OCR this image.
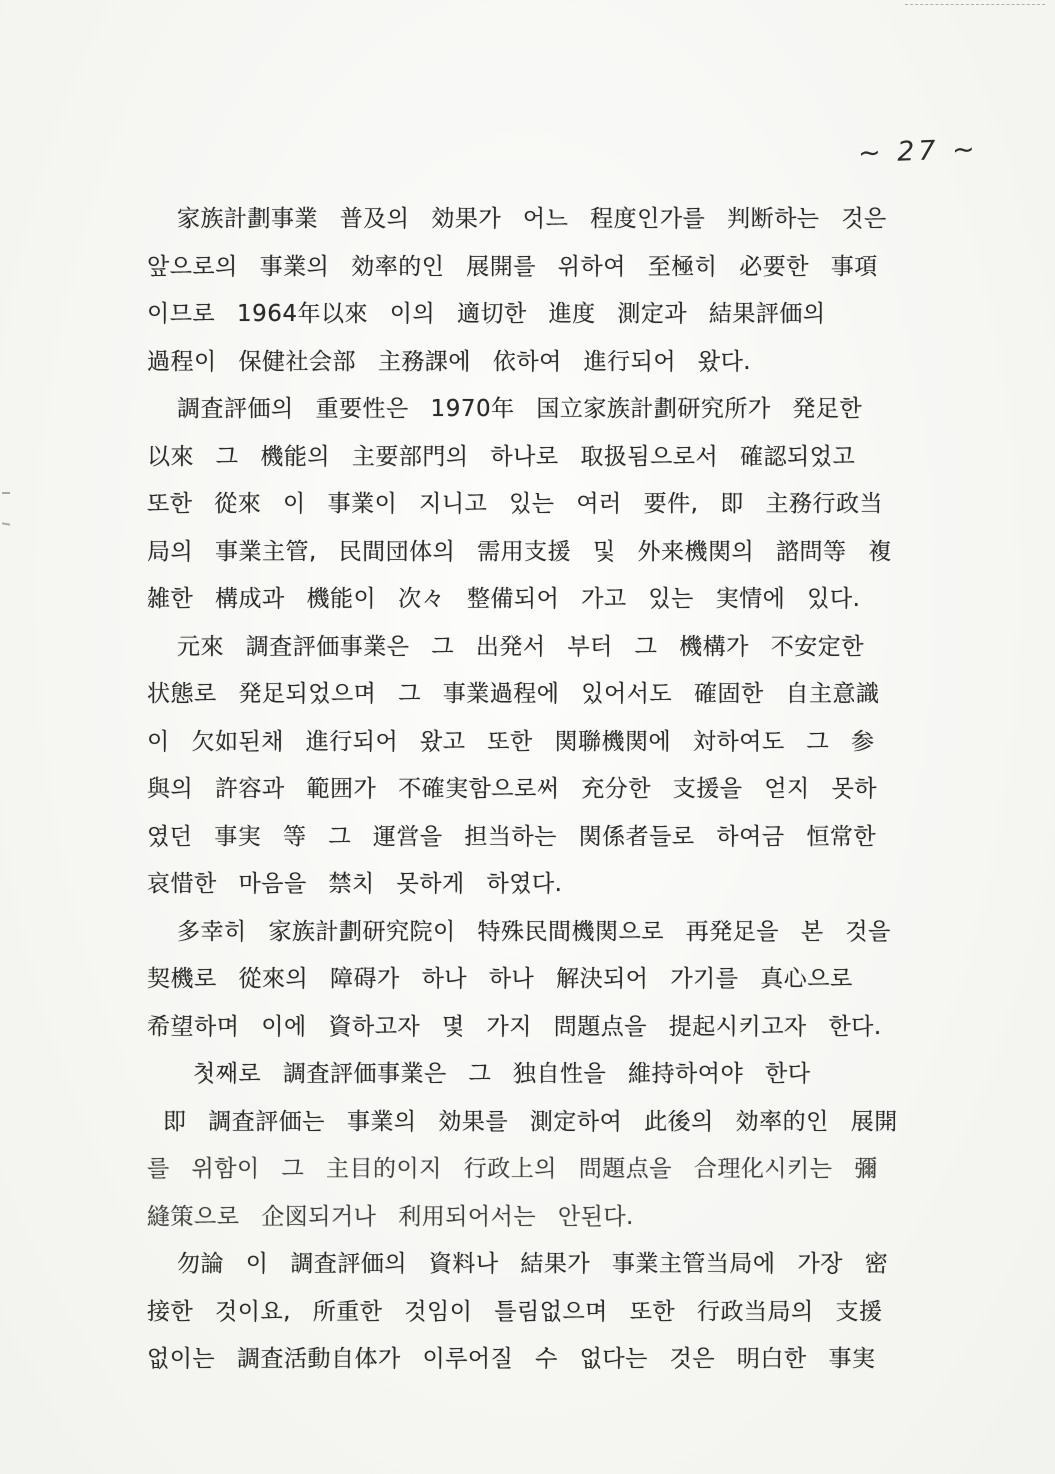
~ 27 ~

家族計劃事業 普及의 効果가 어느 程度인가를 判断하는 것은

앞으로의 事業의 効率的인 展開를 위하여 至極히 必要한 事項

이므로 1964年以來 이의 適切한 進度 測定과 結果評価의

過程이 保健社会部 主務課에 依하여 進行되어 왔다.

調査評価의 重要性은 1970年 国立家族計劃研究所가 発足한

以來 그 機能의 主要部門의 하나로 取扱됨으로서 確認되었고

또한 從來 이 事業이 지니고 있는 여러 要件, 即 主務行政当

局의 事業主管, 民間団体의 需用支援 및 外来機関의 諮問等 複

雑한 構成과 機能이 次々 整備되어 가고 있는 実情에 있다.

元來 調査評価事業은 그 出発서 부터 그 機構가 不安定한

状態로 発足되었으며 그 事業過程에 있어서도 確固한 自主意識

이 欠如된채 進行되어 왔고 또한 関聯機関에 対하여도 그 参

與의 許容과 範囲가 不確実함으로써 充分한 支援을 얻지 못하

였던 事実 等 그 運営을 担当하는 関係者들로 하여금 恒常한

哀惜한 마음을 禁치 못하게 하였다.

多幸히 家族計劃研究院이 特殊民間機関으로 再発足을 본 것을

契機로 從來의 障碍가 하나 하나 解決되어 가기를 真心으로

希望하며 이에 資하고자 몇 가지 問題点을 提起시키고자 한다.

첫째로 調査評価事業은 그 独自性을 維持하여야 한다

即 調査評価는 事業의 効果를 測定하여 此後의 効率的인 展開

를 위함이 그 主目的이지 行政上의 問題点을 合理化시키는 彌

縫策으로 企図되거나 利用되어서는 안된다.

勿論 이 調査評価의 資料나 結果가 事業主管当局에 가장 密

接한 것이요, 所重한 것임이 틀림없으며 또한 行政当局의 支援

없이는 調査活動自体가 이루어질 수 없다는 것은 明白한 事実
